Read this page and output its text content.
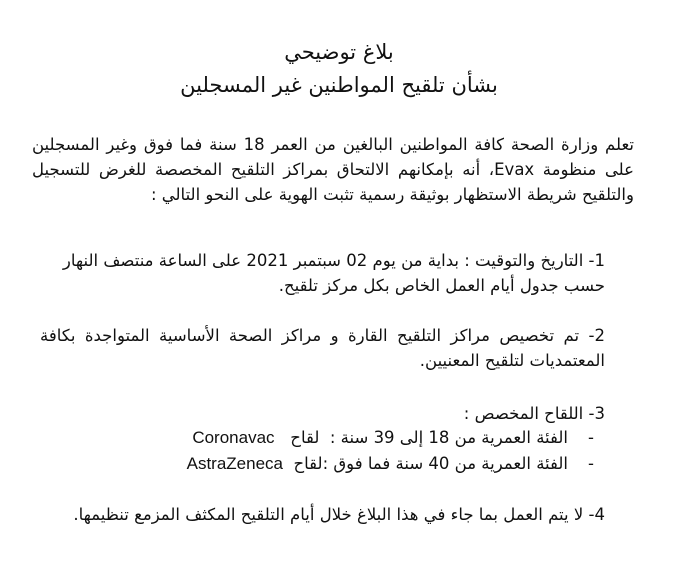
بلاغ توضيحي

بشأن تلقيح المواطنين غير المسجلين

تعلم وزارة الصحة كافة المواطنين البالغين من العمر 18 سنة فما فوق وغير المسجلين على منظومة Evax، أنه بإمكانهم الالتحاق بمراكز التلقيح المخصصة للغرض للتسجيل والتلقيح شريطة الاستظهار بوثيقة رسمية تثبت الهوية على النحو التالي :

1- التاريخ والتوقيت : بداية من يوم 02 سبتمبر 2021 على الساعة منتصف النهار حسب جدول أيام العمل الخاص بكل مركز تلقيح.

2- تم تخصيص مراكز التلقيح القارة و مراكز الصحة الأساسية المتواجدة بكافة المعتمديات لتلقيح المعنيين.

3- اللقاح المخصص :

-
الفئة العمرية من 18 إلى 39 سنة :  لقاح   Coronavac
-
الفئة العمرية من 40 سنة فما فوق :لقاح  AstraZeneca

4- لا يتم العمل بما جاء في هذا البلاغ خلال أيام التلقيح المكثف المزمع تنظيمها.
